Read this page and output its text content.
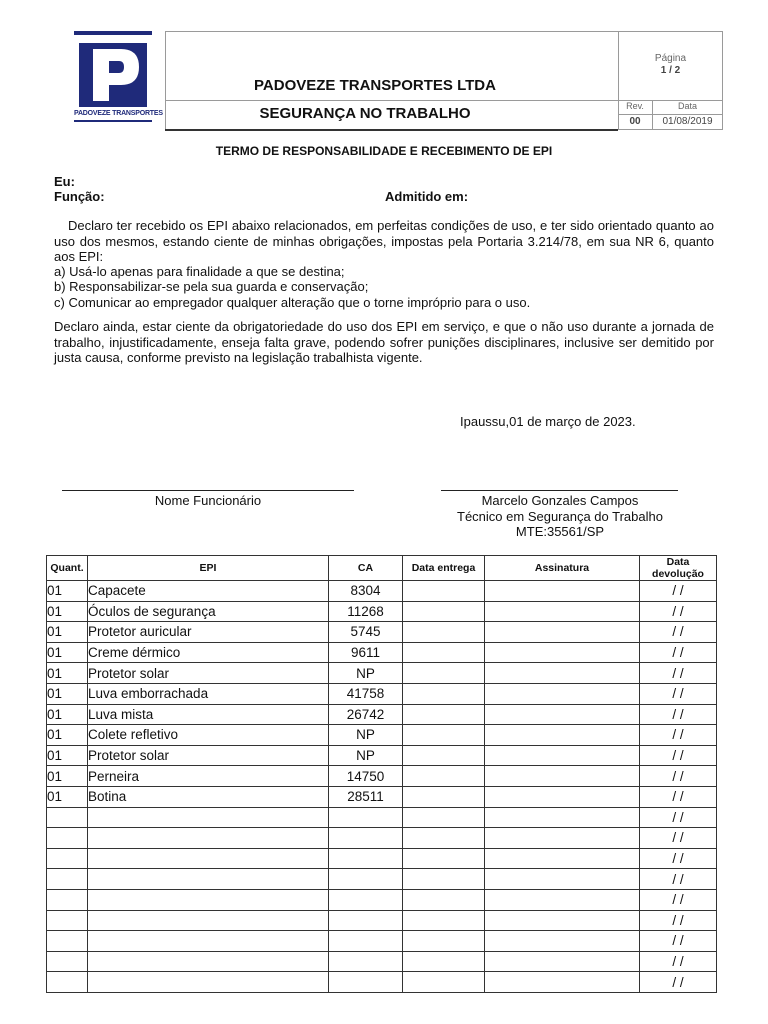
PADOVEZE TRANSPORTES
PADOVEZE TRANSPORTES LTDA
SEGURANÇA NO TRABALHO
Página
1 / 2
Rev.	Data
00	01/08/2019
TERMO DE RESPONSABILIDADE E RECEBIMENTO DE EPI
Eu:
Função:	Admitido em:
Declaro ter recebido os EPI abaixo relacionados, em perfeitas condições de uso, e ter sido orientado quanto ao uso dos mesmos, estando ciente de minhas obrigações, impostas pela Portaria 3.214/78, em sua NR 6, quanto aos EPI:
a) Usá-lo apenas para finalidade a que se destina;
b) Responsabilizar-se pela sua guarda e conservação;
c) Comunicar ao empregador qualquer alteração que o torne impróprio para o uso.
Declaro ainda, estar ciente da obrigatoriedade do uso dos EPI em serviço, e que o não uso durante a jornada de trabalho, injustificadamente, enseja falta grave, podendo sofrer punições disciplinares, inclusive ser demitido por justa causa, conforme previsto na legislação trabalhista vigente.
Ipaussu,01 de março de 2023.
Nome Funcionário	Marcelo Gonzales Campos
Técnico em Segurança do Trabalho
MTE:35561/SP
Quant.	EPI	CA	Data entrega	Assinatura	Data devolução
01	Capacete	8304			/ /
01	Óculos de segurança	11268			/ /
01	Protetor auricular	5745			/ /
01	Creme dérmico	9611			/ /
01	Protetor solar	NP			/ /
01	Luva emborrachada	41758			/ /
01	Luva mista	26742			/ /
01	Colete refletivo	NP			/ /
01	Protetor solar	NP			/ /
01	Perneira	14750			/ /
01	Botina	28511			/ /
					/ /
					/ /
					/ /
					/ /
					/ /
					/ /
					/ /
					/ /
					/ /
